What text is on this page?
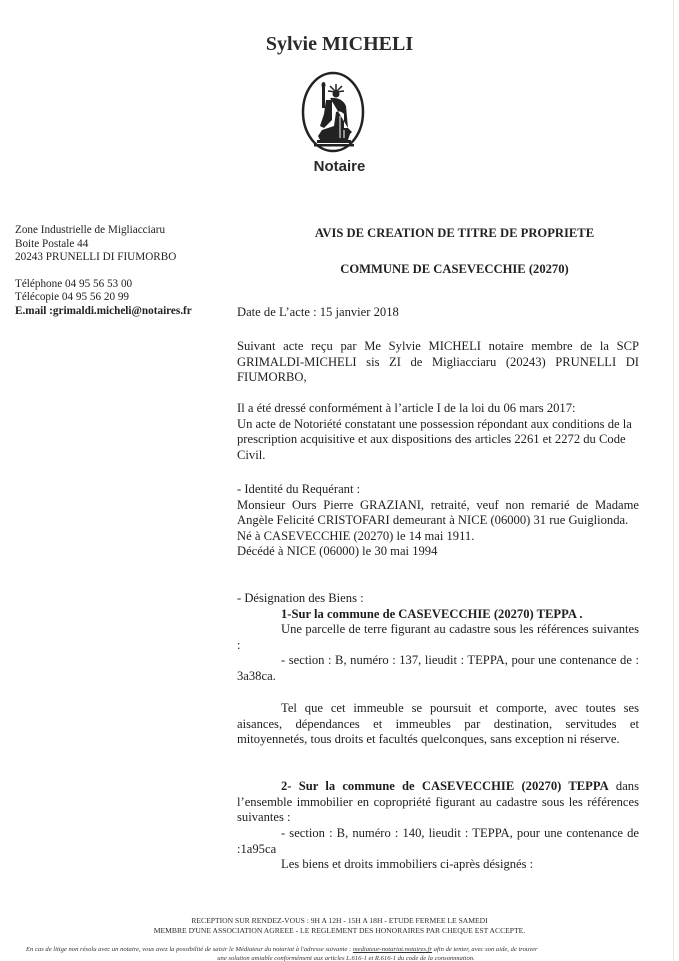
Sylvie MICHELI
Notaire
Zone Industrielle de Migliacciaru
Boite Postale 44
20243 PRUNELLI DI FIUMORBO
Téléphone 04 95 56 53 00
Télécopie 04 95 56 20 99
E.mail :grimaldi.micheli@notaires.fr
AVIS DE CREATION DE TITRE DE PROPRIETE
COMMUNE DE CASEVECCHIE (20270)
Date de L’acte : 15 janvier 2018
Suivant acte reçu par Me Sylvie MICHELI notaire membre de la SCP GRIMALDI-MICHELI sis ZI de Migliacciaru (20243) PRUNELLI DI FIUMORBO,
Il a été dressé conformément à l’article I de la loi du 06 mars 2017:
Un acte de Notoriété constatant une possession répondant aux conditions de la prescription acquisitive et aux dispositions des articles 2261 et 2272 du Code Civil.
- Identité du Requérant :
Monsieur Ours Pierre GRAZIANI, retraité, veuf non remarié de Madame Angèle Felicité CRISTOFARI demeurant à NICE (06000) 31 rue Guiglionda.
Né à CASEVECCHIE (20270) le 14 mai 1911.
Décédé à NICE (06000) le 30 mai 1994
- Désignation des Biens :
1-Sur la commune de CASEVECCHIE (20270) TEPPA .
Une parcelle de terre figurant au cadastre sous les références suivantes :
- section : B, numéro : 137, lieudit : TEPPA, pour une contenance de : 3a38ca.
Tel que cet immeuble se poursuit et comporte, avec toutes ses aisances, dépendances et immeubles par destination, servitudes et mitoyennetés, tous droits et facultés quelconques, sans exception ni réserve.
2- Sur la commune de CASEVECCHIE (20270) TEPPA dans l’ensemble immobilier en copropriété figurant au cadastre sous les références suivantes :
- section : B, numéro : 140, lieudit : TEPPA, pour une contenance de :1a95ca
Les biens et droits immobiliers ci-après désignés :
RECEPTION SUR RENDEZ-VOUS : 9H A 12H - 15H A 18H - ETUDE FERMEE LE SAMEDI
MEMBRE D'UNE ASSOCIATION AGREEE - LE REGLEMENT DES HONORAIRES PAR CHEQUE EST ACCEPTE.
En cas de litige non résolu avec un notaire, vous avez la possibilité de saisir le Médiateur du notariat à l'adresse suivante : mediateur-notariat.notaires.fr afin de tenter, avec son aide, de trouver
une solution amiable conformément aux articles L.616-1 et R.616-1 du code de la consommation.
